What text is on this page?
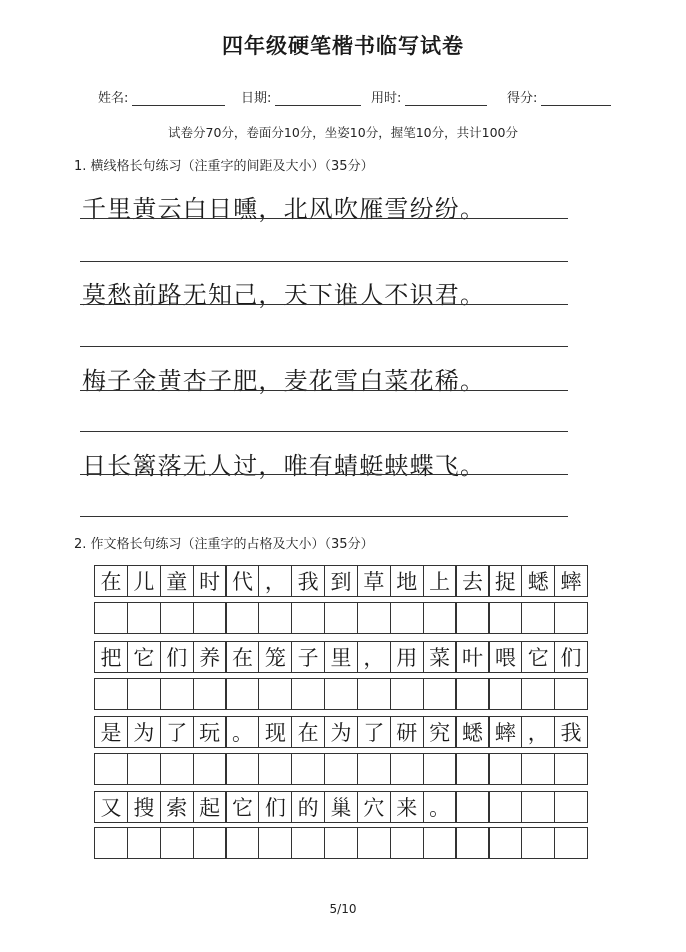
四年级硬笔楷书临写试卷
姓名:	日期:	用时:	得分:
试卷分70分，卷面分10分，坐姿10分，握笔10分，共计100分
1. 横线格长句练习（注重字的间距及大小）（35分）
千里黄云白日曛，北风吹雁雪纷纷。
莫愁前路无知己，天下谁人不识君。
梅子金黄杏子肥，麦花雪白菜花稀。
日长篱落无人过，唯有蜻蜓蛱蝶飞。
2. 作文格长句练习（注重字的占格及大小）（35分）
在 儿 童 时 代 ， 我 到 草 地 上 去 捉 蟋 蟀
把 它 们 养 在 笼 子 里 ， 用 菜 叶 喂 它 们
是 为 了 玩 。 现 在 为 了 研 究 蟋 蟀 ， 我
又 搜 索 起 它 们 的 巢 穴 来 。
5/10
